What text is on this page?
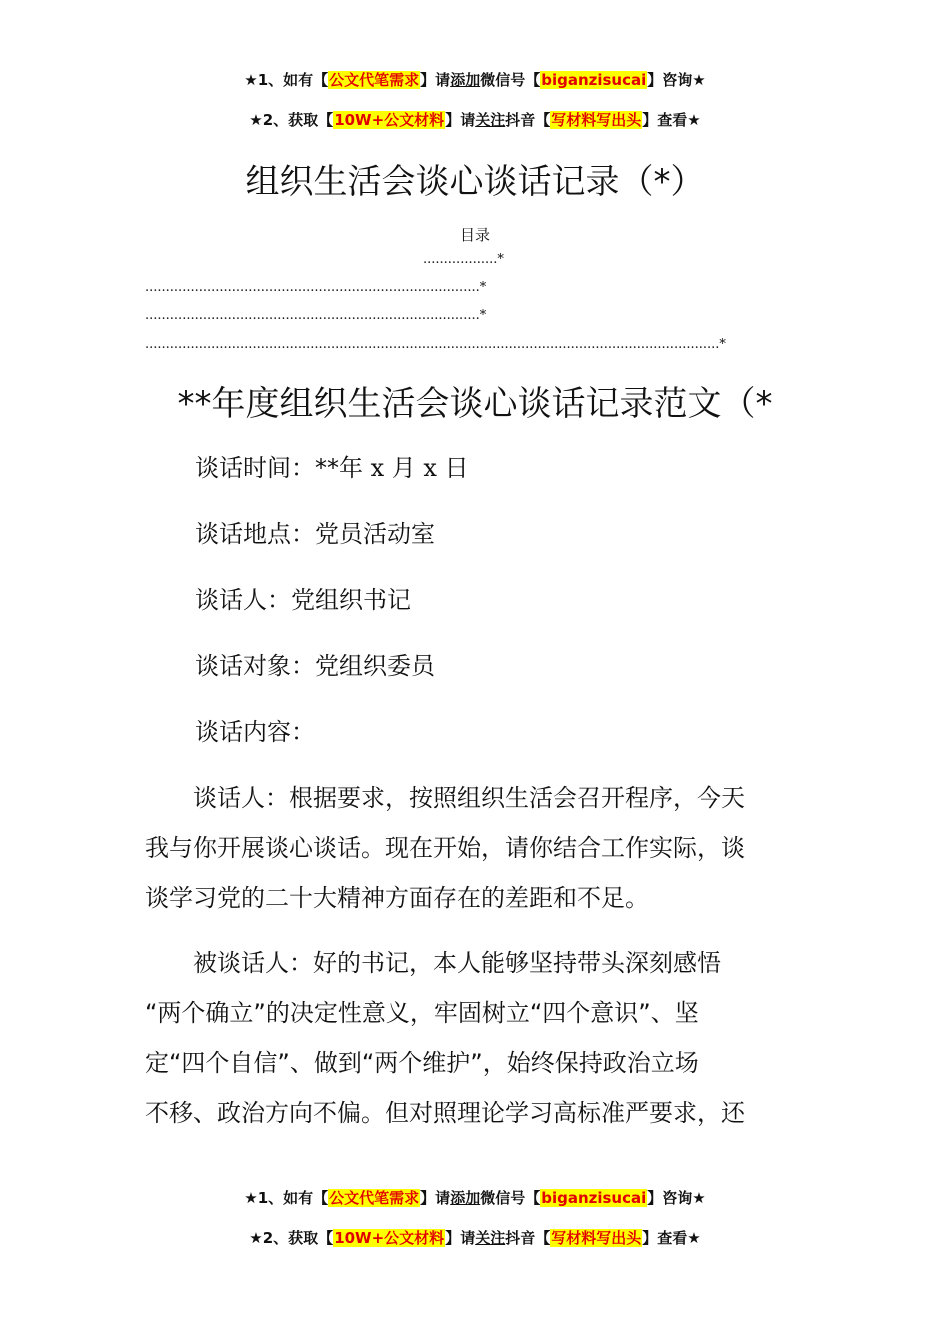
★1、如有【公文代笔需求】请添加微信号【biganzisucai】咨询★
★2、获取【10W+公文材料】请关注抖音【写材料写出头】查看★
组织生活会谈心谈话记录（*）
目录
..................*
.................................................................................*
.................................................................................*
...........................................................................................................................................*
**年度组织生活会谈心谈话记录范文（*
谈话时间：**年 x 月 x 日
谈话地点：党员活动室
谈话人：党组织书记
谈话对象：党组织委员
谈话内容：
　　谈话人：根据要求，按照组织生活会召开程序，今天
我与你开展谈心谈话。现在开始，请你结合工作实际，谈
谈学习党的二十大精神方面存在的差距和不足。
　　被谈话人：好的书记，本人能够坚持带头深刻感悟
“两个确立”的决定性意义，牢固树立“四个意识”、坚
定“四个自信”、做到“两个维护”，始终保持政治立场
不移、政治方向不偏。但对照理论学习高标准严要求，还
★1、如有【公文代笔需求】请添加微信号【biganzisucai】咨询★
★2、获取【10W+公文材料】请关注抖音【写材料写出头】查看★
